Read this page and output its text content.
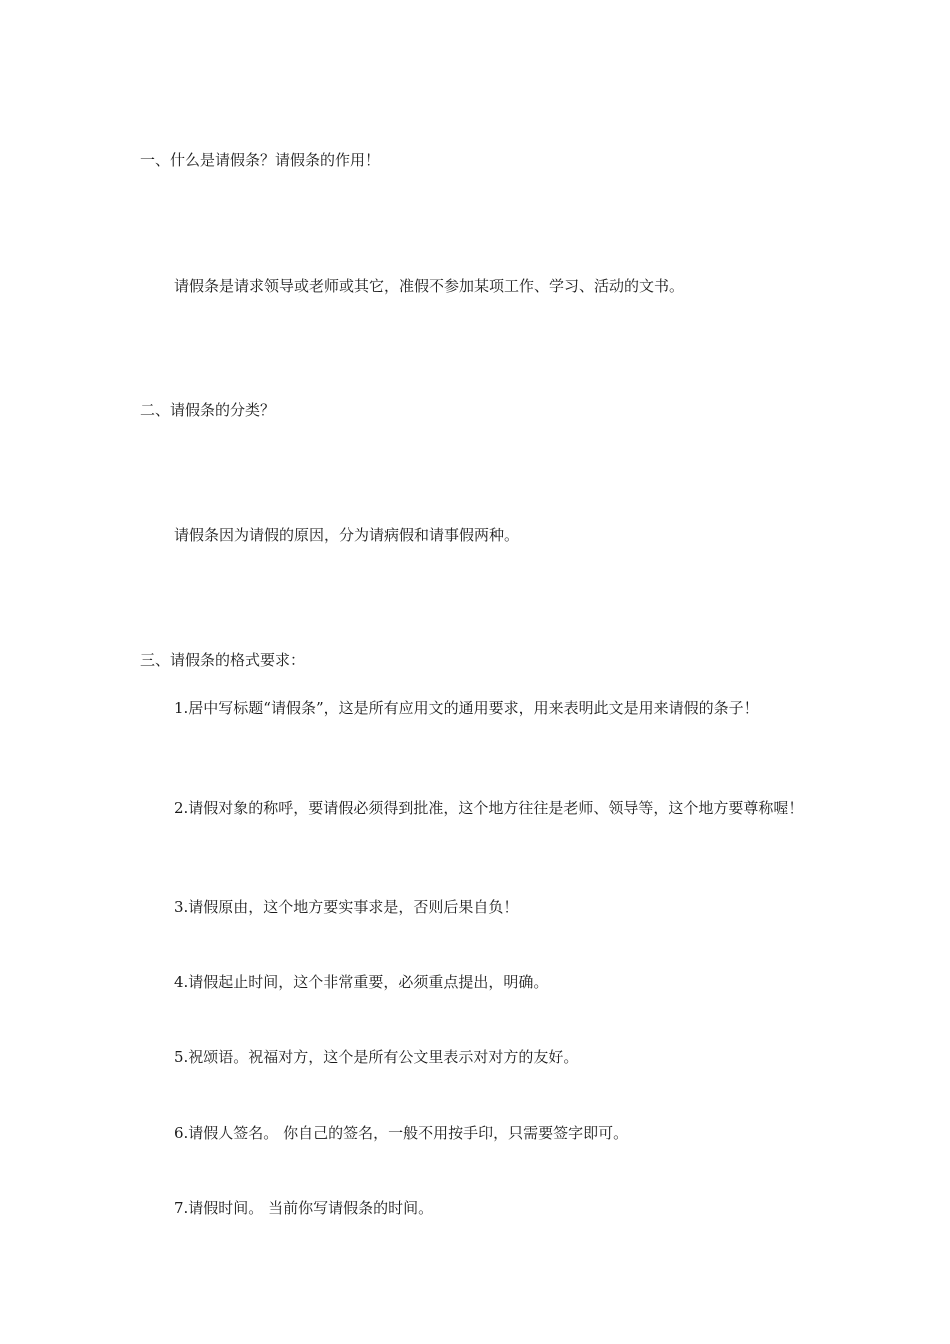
一、什么是请假条？请假条的作用！

请假条是请求领导或老师或其它，准假不参加某项工作、学习、活动的文书。

二、请假条的分类？

请假条因为请假的原因，分为请病假和请事假两种。

三、请假条的格式要求：

1.居中写标题“请假条”，这是所有应用文的通用要求，用来表明此文是用来请假的条子！

2.请假对象的称呼，要请假必须得到批准，这个地方往往是老师、领导等，这个地方要尊称喔！

3.请假原由，这个地方要实事求是，否则后果自负！

4.请假起止时间，这个非常重要，必须重点提出，明确。

5.祝颂语。祝福对方，这个是所有公文里表示对对方的友好。

6.请假人签名。 你自己的签名，一般不用按手印，只需要签字即可。

7.请假时间。 当前你写请假条的时间。
